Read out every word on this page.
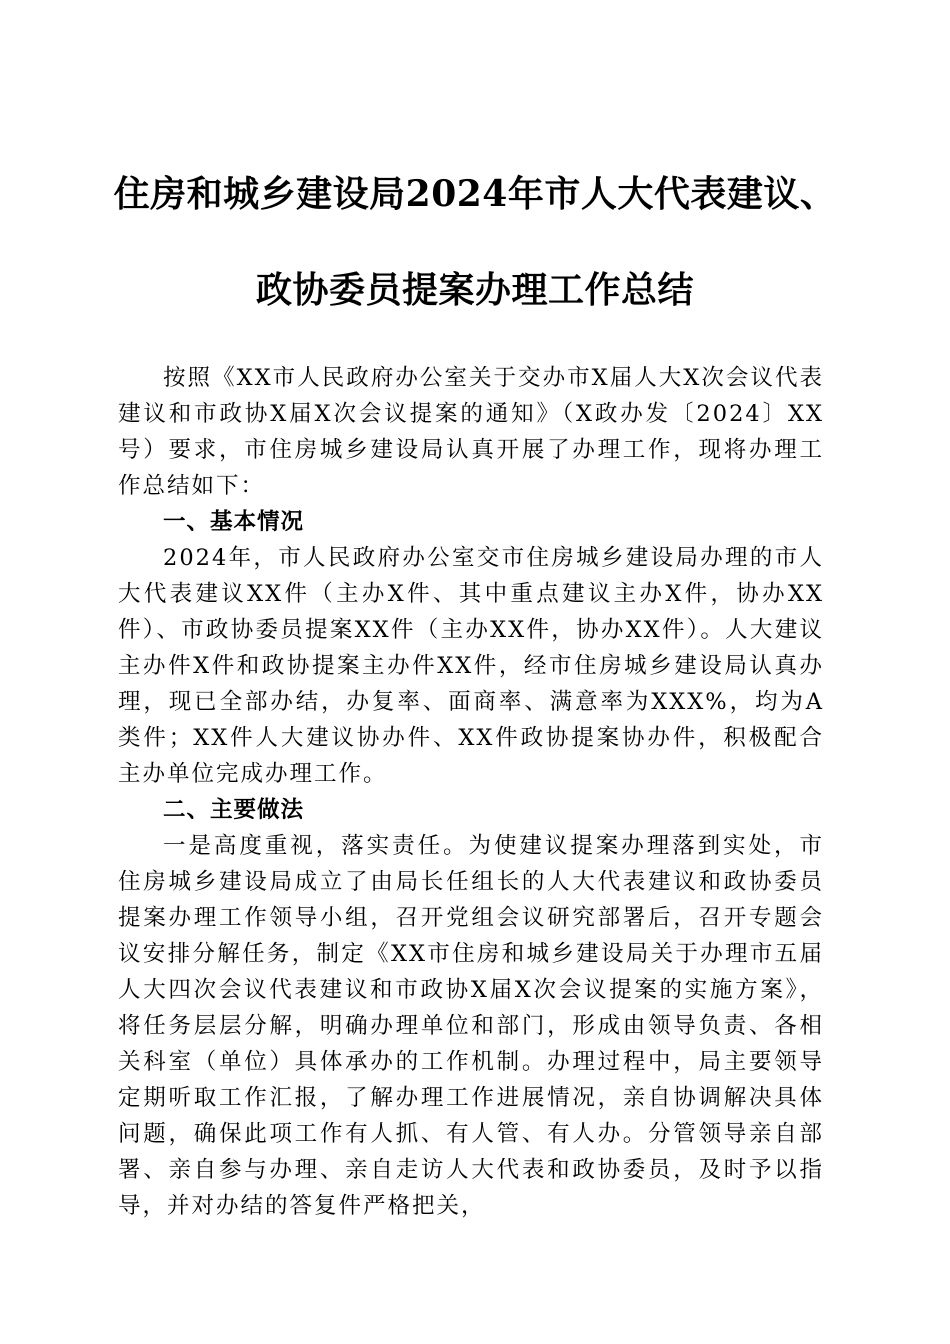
住房和城乡建设局2024年市人大代表建议、
政协委员提案办理工作总结

按照《XX市人民政府办公室关于交办市X届人大X次会议代表建议和市政协X届X次会议提案的通知》（X政办发〔2024〕XX号）要求，市住房城乡建设局认真开展了办理工作，现将办理工作总结如下：

一、基本情况

2024年，市人民政府办公室交市住房城乡建设局办理的市人大代表建议XX件（主办X件、其中重点建议主办X件，协办XX件）、市政协委员提案XX件（主办XX件，协办XX件）。人大建议主办件X件和政协提案主办件XX件，经市住房城乡建设局认真办理，现已全部办结，办复率、面商率、满意率为XXX%，均为A类件；XX件人大建议协办件、XX件政协提案协办件，积极配合主办单位完成办理工作。

二、主要做法

一是高度重视，落实责任。为使建议提案办理落到实处，市住房城乡建设局成立了由局长任组长的人大代表建议和政协委员提案办理工作领导小组，召开党组会议研究部署后，召开专题会议安排分解任务，制定《XX市住房和城乡建设局关于办理市五届人大四次会议代表建议和市政协X届X次会议提案的实施方案》，将任务层层分解，明确办理单位和部门，形成由领导负责、各相关科室（单位）具体承办的工作机制。办理过程中，局主要领导定期听取工作汇报，了解办理工作进展情况，亲自协调解决具体问题，确保此项工作有人抓、有人管、有人办。分管领导亲自部署、亲自参与办理、亲自走访人大代表和政协委员，及时予以指导，并对办结的答复件严格把关，
